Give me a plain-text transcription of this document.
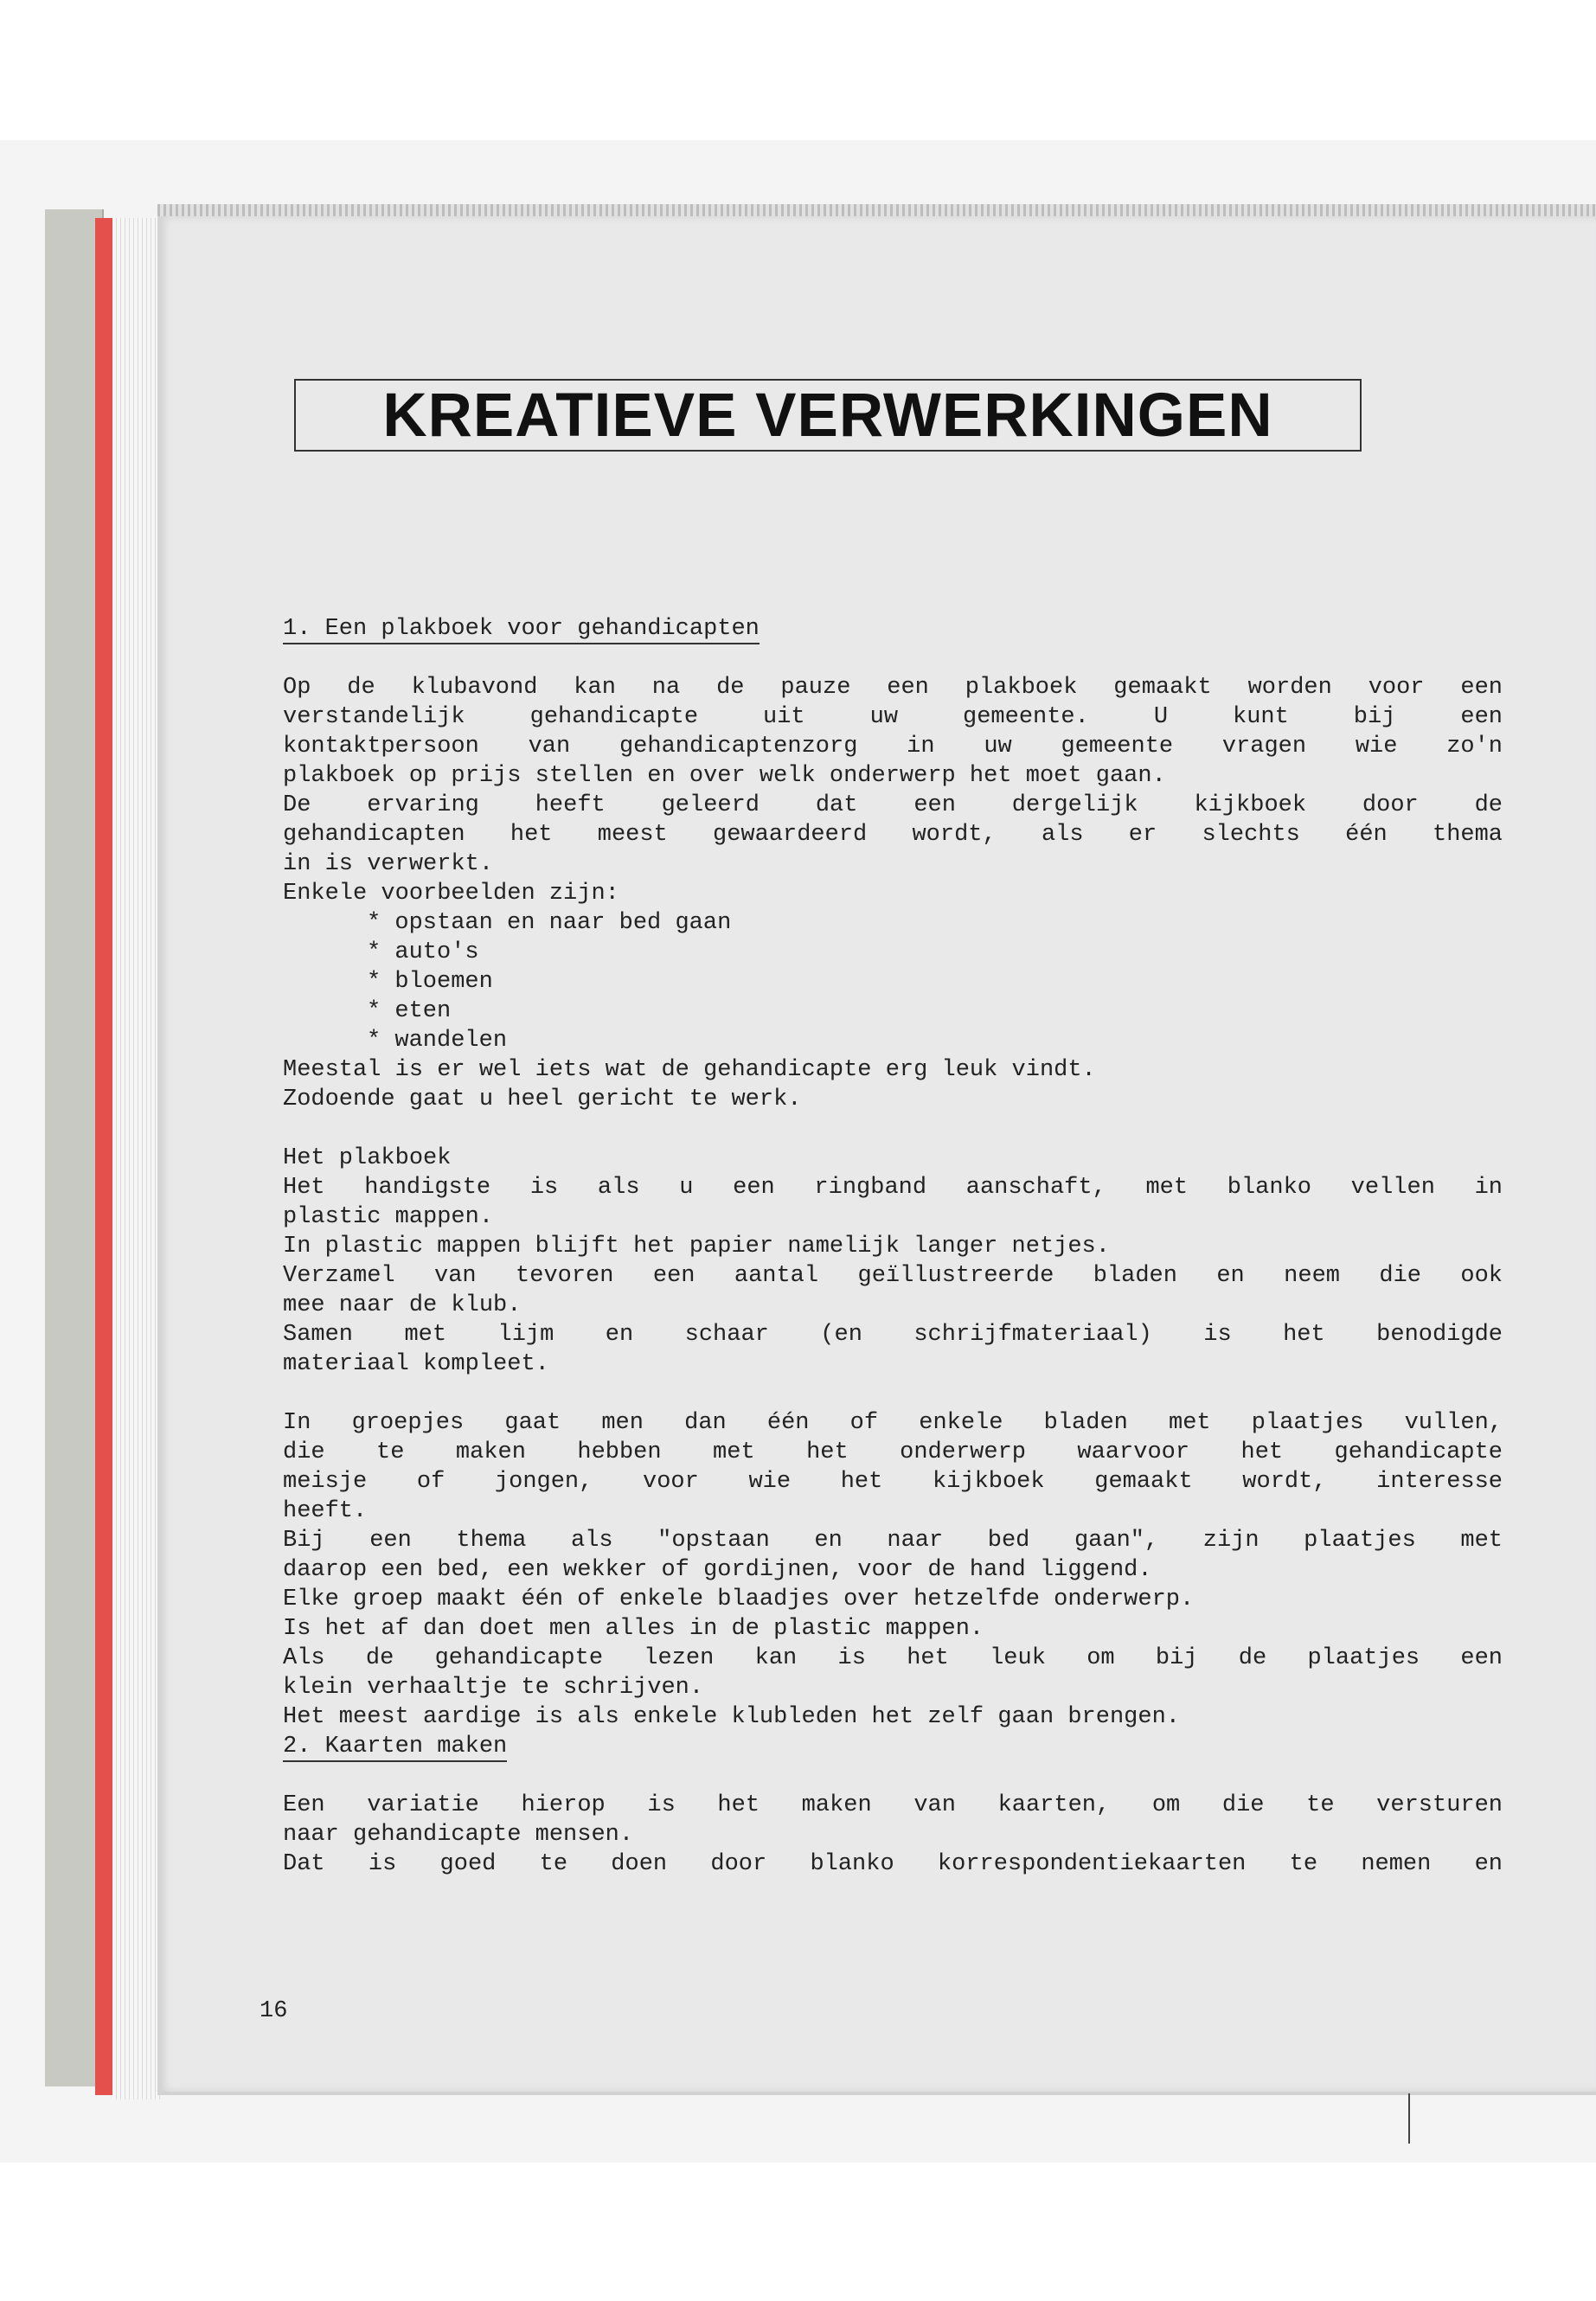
KREATIEVE VERWERKINGEN
1. Een plakboek voor gehandicapten
Op de klubavond kan na de pauze een plakboek gemaakt worden voor een
verstandelijk gehandicapte uit uw gemeente. U kunt bij een
kontaktpersoon van gehandicaptenzorg in uw gemeente vragen wie zo'n
plakboek op prijs stellen en over welk onderwerp het moet gaan.
De ervaring heeft geleerd dat een dergelijk kijkboek door de
gehandicapten het meest gewaardeerd wordt, als er slechts één thema
in is verwerkt.
Enkele voorbeelden zijn:
* opstaan en naar bed gaan
* auto's
* bloemen
* eten
* wandelen
Meestal is er wel iets wat de gehandicapte erg leuk vindt.
Zodoende gaat u heel gericht te werk.
Het plakboek
Het handigste is als u een ringband aanschaft, met blanko vellen in
plastic mappen.
In plastic mappen blijft het papier namelijk langer netjes.
Verzamel van tevoren een aantal geïllustreerde bladen en neem die ook
mee naar de klub.
Samen met lijm en schaar (en schrijfmateriaal) is het benodigde
materiaal kompleet.
In groepjes gaat men dan één of enkele bladen met plaatjes vullen,
die te maken hebben met het onderwerp waarvoor het gehandicapte
meisje of jongen, voor wie het kijkboek gemaakt wordt, interesse
heeft.
Bij een thema als "opstaan en naar bed gaan", zijn plaatjes met
daarop een bed, een wekker of gordijnen, voor de hand liggend.
Elke groep maakt één of enkele blaadjes over hetzelfde onderwerp.
Is het af dan doet men alles in de plastic mappen.
Als de gehandicapte lezen kan is het leuk om bij de plaatjes een
klein verhaaltje te schrijven.
Het meest aardige is als enkele klubleden het zelf gaan brengen.
2. Kaarten maken
Een variatie hierop is het maken van kaarten, om die te versturen
naar gehandicapte mensen.
Dat is goed te doen door blanko korrespondentiekaarten te nemen en
16
